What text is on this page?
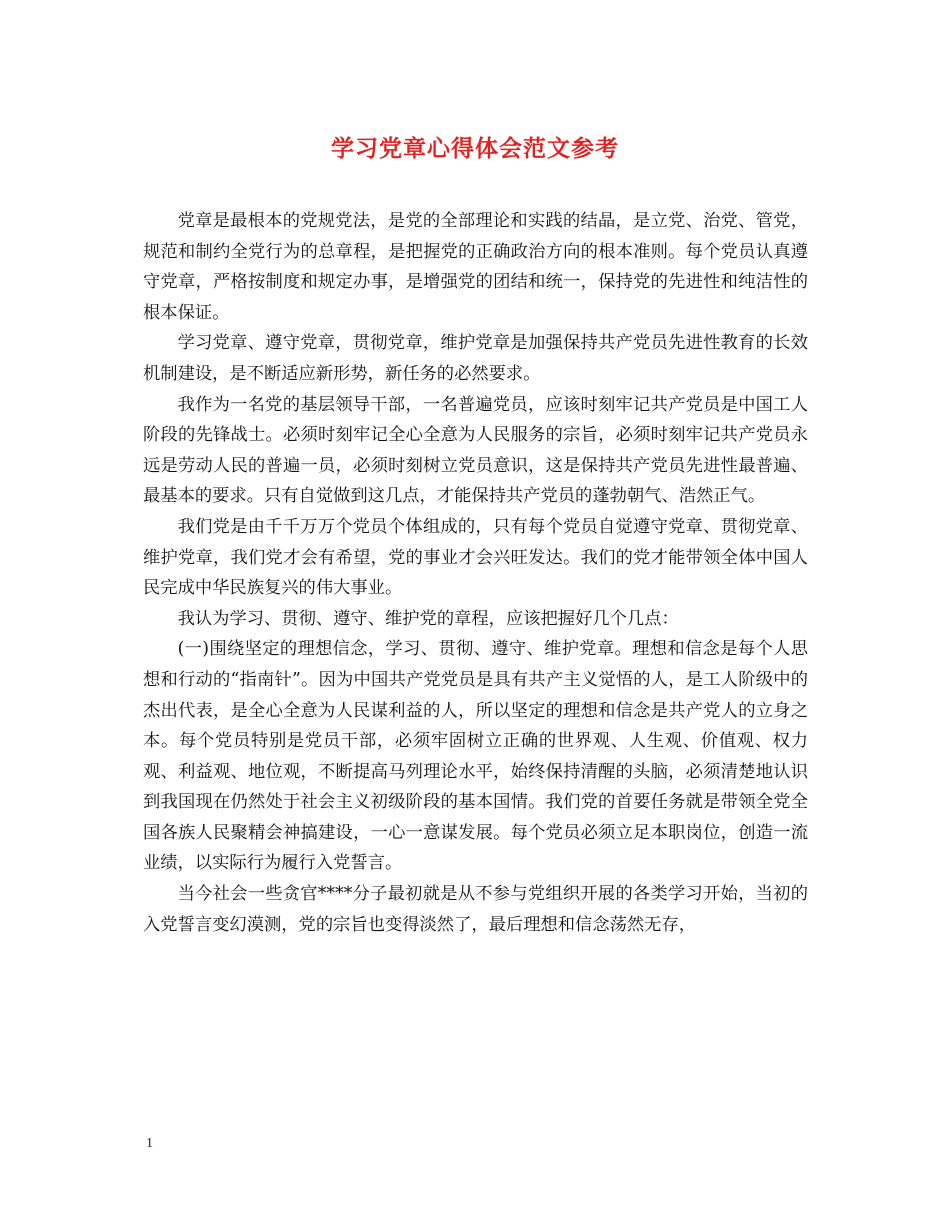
学习党章心得体会范文参考

党章是最根本的党规党法，是党的全部理论和实践的结晶，是立党、治党、管党，规范和制约全党行为的总章程，是把握党的正确政治方向的根本准则。每个党员认真遵守党章，严格按制度和规定办事，是增强党的团结和统一，保持党的先进性和纯洁性的根本保证。

学习党章、遵守党章，贯彻党章，维护党章是加强保持共产党员先进性教育的长效机制建设，是不断适应新形势，新任务的必然要求。

我作为一名党的基层领导干部，一名普遍党员，应该时刻牢记共产党员是中国工人阶段的先锋战士。必须时刻牢记全心全意为人民服务的宗旨，必须时刻牢记共产党员永远是劳动人民的普遍一员，必须时刻树立党员意识，这是保持共产党员先进性最普遍、最基本的要求。只有自觉做到这几点，才能保持共产党员的蓬勃朝气、浩然正气。

我们党是由千千万万个党员个体组成的，只有每个党员自觉遵守党章、贯彻党章、维护党章，我们党才会有希望，党的事业才会兴旺发达。我们的党才能带领全体中国人民完成中华民族复兴的伟大事业。

我认为学习、贯彻、遵守、维护党的章程，应该把握好几个几点：

(一)围绕坚定的理想信念，学习、贯彻、遵守、维护党章。理想和信念是每个人思想和行动的“指南针”。因为中国共产党党员是具有共产主义觉悟的人，是工人阶级中的杰出代表，是全心全意为人民谋利益的人，所以坚定的理想和信念是共产党人的立身之本。每个党员特别是党员干部，必须牢固树立正确的世界观、人生观、价值观、权力观、利益观、地位观，不断提高马列理论水平，始终保持清醒的头脑，必须清楚地认识到我国现在仍然处于社会主义初级阶段的基本国情。我们党的首要任务就是带领全党全国各族人民聚精会神搞建设，一心一意谋发展。每个党员必须立足本职岗位，创造一流业绩，以实际行为履行入党誓言。

当今社会一些贪官****分子最初就是从不参与党组织开展的各类学习开始，当初的入党誓言变幻漠测，党的宗旨也变得淡然了，最后理想和信念荡然无存，

1
